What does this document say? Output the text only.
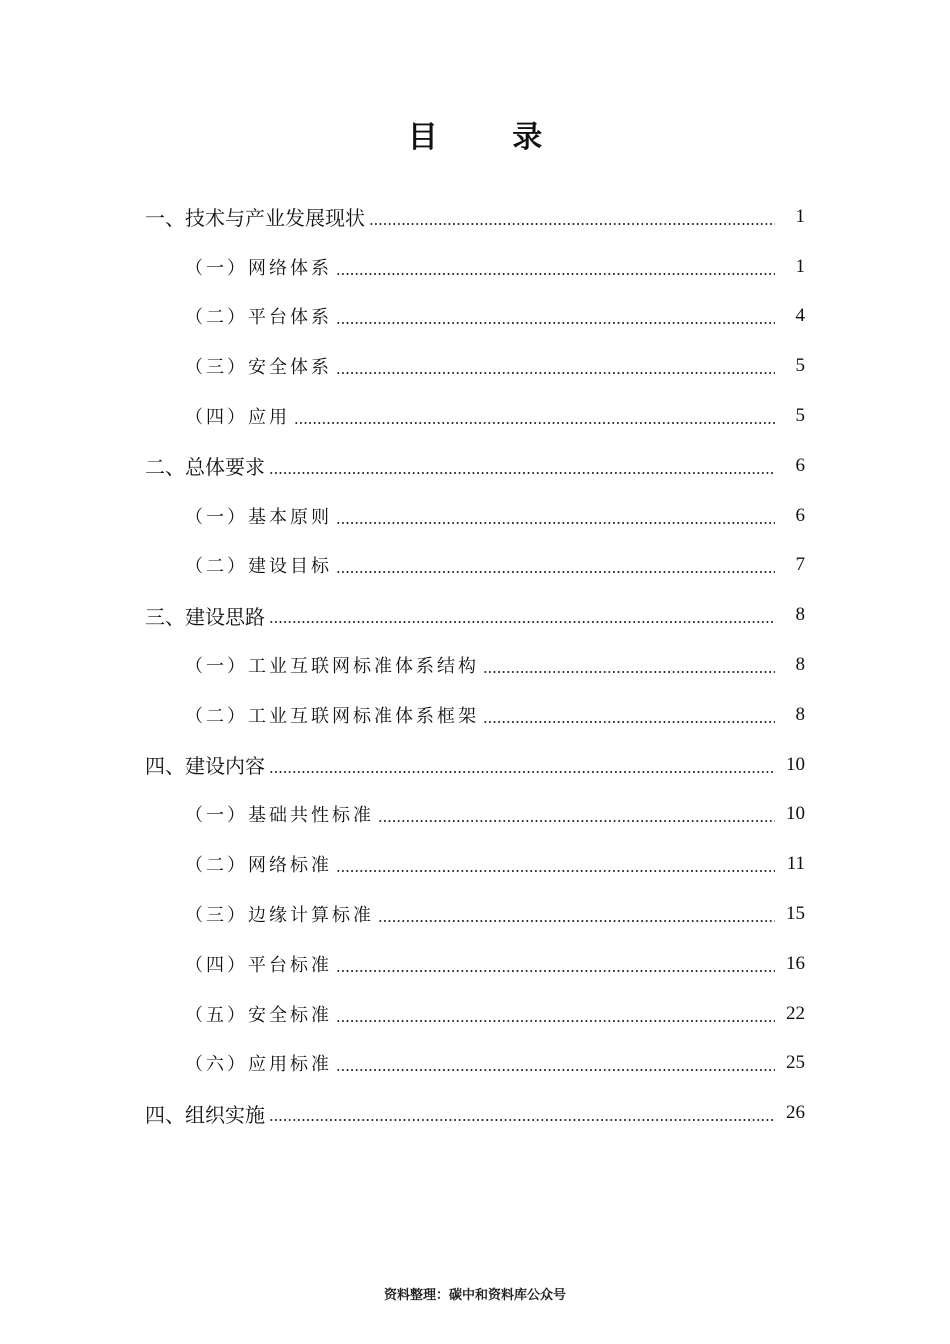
目 录
一、技术与产业发展现状	1
（一）网络体系	1
（二）平台体系	4
（三）安全体系	5
（四）应用	5
二、总体要求	6
（一）基本原则	6
（二）建设目标	7
三、建设思路	8
（一）工业互联网标准体系结构	8
（二）工业互联网标准体系框架	8
四、建设内容	10
（一）基础共性标准	10
（二）网络标准	11
（三）边缘计算标准	15
（四）平台标准	16
（五）安全标准	22
（六）应用标准	25
四、组织实施	26
资料整理：碳中和资料库公众号
